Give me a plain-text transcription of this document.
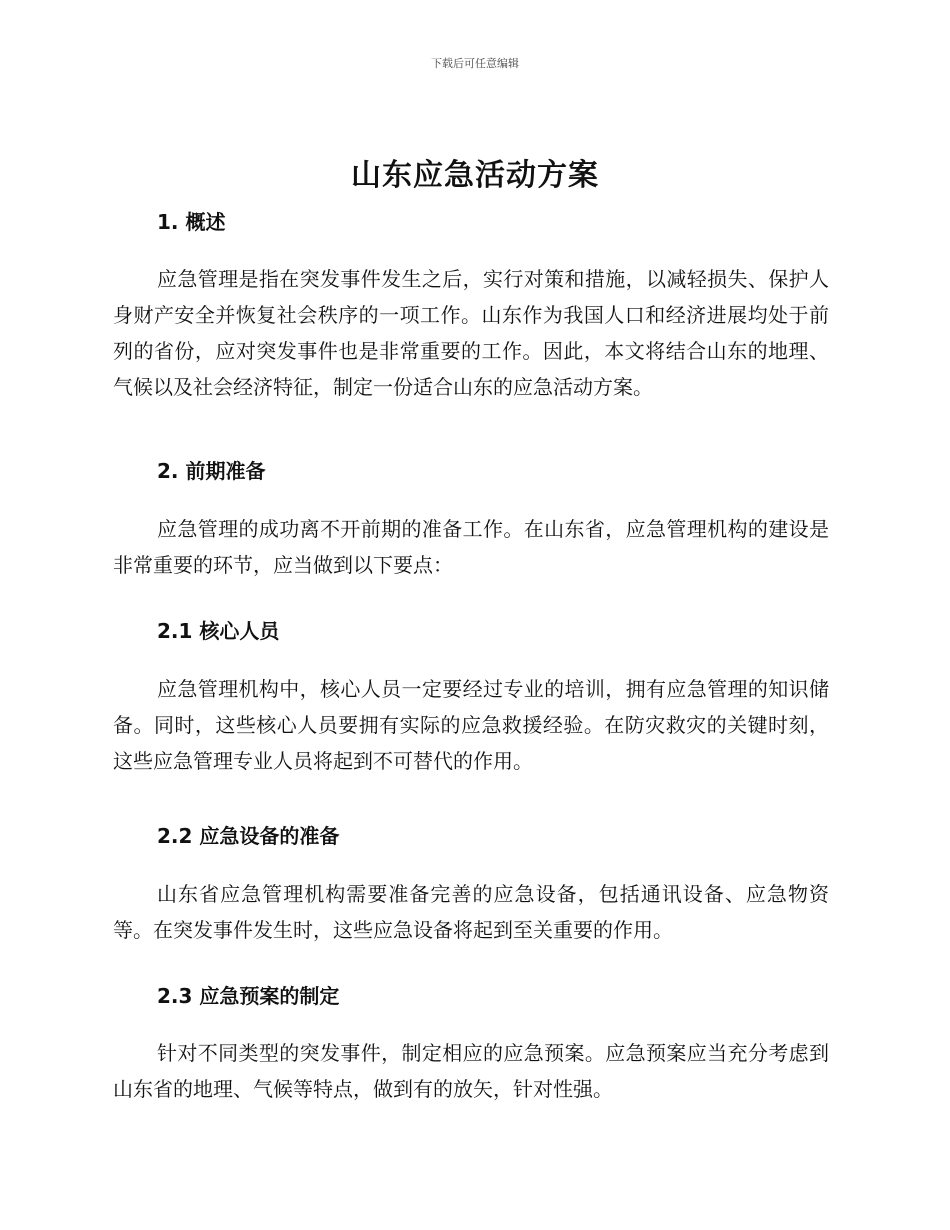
下载后可任意编辑
山东应急活动方案
1. 概述
应急管理是指在突发事件发生之后，实行对策和措施，以减轻损失、保护人身财产安全并恢复社会秩序的一项工作。山东作为我国人口和经济进展均处于前列的省份，应对突发事件也是非常重要的工作。因此，本文将结合山东的地理、气候以及社会经济特征，制定一份适合山东的应急活动方案。
2. 前期准备
应急管理的成功离不开前期的准备工作。在山东省，应急管理机构的建设是非常重要的环节，应当做到以下要点：
2.1 核心人员
应急管理机构中，核心人员一定要经过专业的培训，拥有应急管理的知识储备。同时，这些核心人员要拥有实际的应急救援经验。在防灾救灾的关键时刻，这些应急管理专业人员将起到不可替代的作用。
2.2 应急设备的准备
山东省应急管理机构需要准备完善的应急设备，包括通讯设备、应急物资等。在突发事件发生时，这些应急设备将起到至关重要的作用。
2.3 应急预案的制定
针对不同类型的突发事件，制定相应的应急预案。应急预案应当充分考虑到山东省的地理、气候等特点，做到有的放矢，针对性强。
